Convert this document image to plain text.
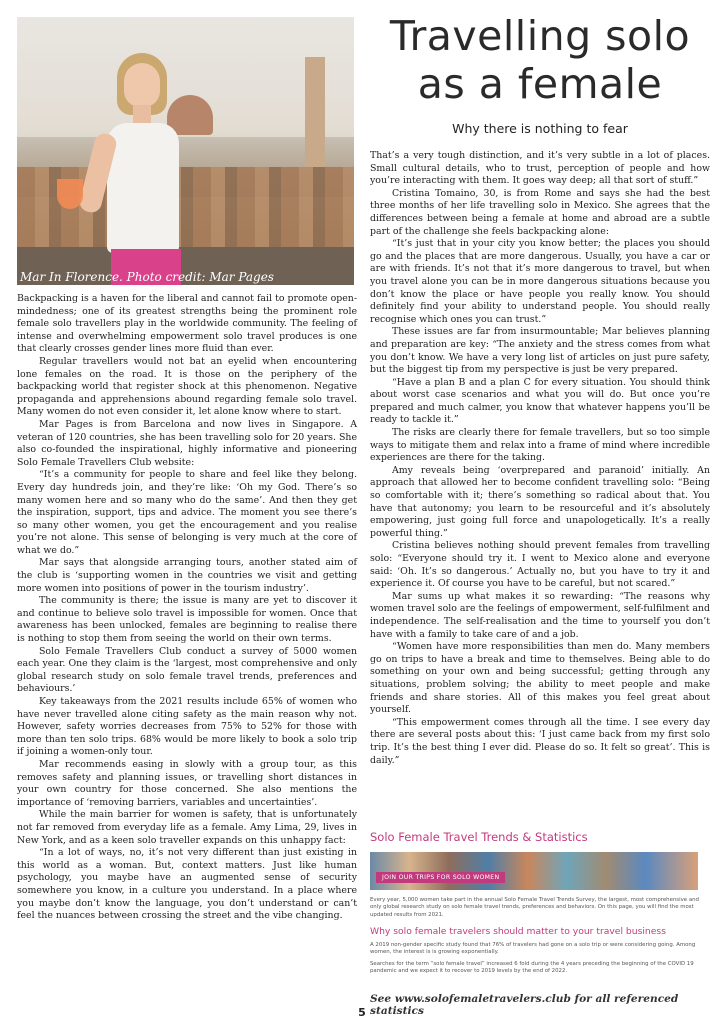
Mar In Florence. Photo credit: Mar Pages
Travelling solo
as a female
Why there is nothing to fear

Backpacking is a haven for the liberal and cannot fail to promote open-mindedness; one of its greatest strengths being the prominent role female solo travellers play in the worldwide community. The feeling of intense and overwhelming empowerment solo travel produces is one that clearly crosses gender lines more fluid than ever.

Regular travellers would not bat an eyelid when encountering lone females on the road. It is those on the periphery of the backpacking world that register shock at this phenomenon. Negative propaganda and apprehensions abound regarding female solo travel. Many women do not even consider it, let alone know where to start.

Mar Pages is from Barcelona and now lives in Singapore. A veteran of 120 countries, she has been travelling solo for 20 years. She also co-founded the inspirational, highly informative and pioneering Solo Female Travellers Club website:

“It’s a community for people to share and feel like they belong. Every day hundreds join, and they’re like: ‘Oh my God. There’s so many women here and so many who do the same’. And then they get the inspiration, support, tips and advice. The moment you see there’s so many other women, you get the encouragement and you realise you’re not alone. This sense of belonging is very much at the core of what we do.”

Mar says that alongside arranging tours, another stated aim of the club is ‘supporting women in the countries we visit and getting more women into positions of power in the tourism industry’.

The community is there; the issue is many are yet to discover it and continue to believe solo travel is impossible for women. Once that awareness has been unlocked, females are beginning to realise there is nothing to stop them from seeing the world on their own terms.

Solo Female Travellers Club conduct a survey of 5000 women each year. One they claim is the ‘largest, most comprehensive and only global research study on solo female travel trends, preferences and behaviours.’

Key takeaways from the 2021 results include 65% of women who have never travelled alone citing safety as the main reason why not. However, safety worries decreases from 75% to 52% for those with more than ten solo trips. 68% would be more likely to book a solo trip if joining a women-only tour.

Mar recommends easing in slowly with a group tour, as this removes safety and planning issues, or travelling short distances in your own country for those concerned. She also mentions the importance of ‘removing barriers, variables and uncertainties’.

While the main barrier for women is safety, that is unfortunately not far removed from everyday life as a female. Amy Lima, 29, lives in New York, and as a keen solo traveller expands on this unhappy fact:

“In a lot of ways, no, it’s not very different than just existing in this world as a woman. But, context matters. Just like human psychology, you maybe have an augmented sense of security somewhere you know, in a culture you understand. In a place where you maybe don’t know the language, you don’t understand or can’t feel the nuances between crossing the street and the vibe changing.

That’s a very tough distinction, and it’s very subtle in a lot of places. Small cultural details, who to trust, perception of people and how you’re interacting with them. It goes way deep; all that sort of stuff.”

Cristina Tomaino, 30, is from Rome and says she had the best three months of her life travelling solo in Mexico. She agrees that the differences between being a female at home and abroad are a subtle part of the challenge she feels backpacking alone:

“It’s just that in your city you know better; the places you should go and the places that are more dangerous. Usually, you have a car or are with friends. It’s not that it’s more dangerous to travel, but when you travel alone you can be in more dangerous situations because you don’t know the place or have people you really know. You should definitely find your ability to understand people. You should really recognise which ones you can trust.”

These issues are far from insurmountable; Mar believes planning and preparation are key: “The anxiety and the stress comes from what you don’t know. We have a very long list of articles on just pure safety, but the biggest tip from my perspective is just be very prepared.

“Have a plan B and a plan C for every situation. You should think about worst case scenarios and what you will do. But once you’re prepared and much calmer, you know that whatever happens you’ll be ready to tackle it.”

The risks are clearly there for female travellers, but so too simple ways to mitigate them and relax into a frame of mind where incredible experiences are there for the taking.

Amy reveals being ‘overprepared and paranoid’ initially. An approach that allowed her to become confident travelling solo: “Being so comfortable with it; there’s something so radical about that. You have that autonomy; you learn to be resourceful and it’s absolutely empowering, just going full force and unapologetically. It’s a really powerful thing.”

Cristina believes nothing should prevent females from travelling solo: “Everyone should try it. I went to Mexico alone and everyone said: ‘Oh. It’s so dangerous.’ Actually no, but you have to try it and experience it. Of course you have to be careful, but not scared.”

Mar sums up what makes it so rewarding: “The reasons why women travel solo are the feelings of empowerment, self-fulfilment and independence. The self-realisation and the time to yourself you don’t have with a family to take care of and a job.

“Women have more responsibilities than men do. Many members go on trips to have a break and time to themselves. Being able to do something on your own and being successful; getting through any situations, problem solving; the ability to meet people and make friends and share stories. All of this makes you feel great about yourself.

“This empowerment comes through all the time. I see every day there are several posts about this: ‘I just came back from my first solo trip. It’s the best thing I ever did. Please do so. It felt so great’. This is daily.”

Solo Female Travel Trends & Statistics
JOIN OUR TRIPS FOR SOLO WOMEN
Every year, 5,000 women take part in the annual Solo Female Travel Trends Survey, the largest, most comprehensive and only global research study on solo female travel trends, preferences and behaviors. On this page, you will find the most updated results from 2021.
Why solo female travelers should matter to your travel business
A 2019 non-gender specific study found that 76% of travelers had gone on a solo trip or were considering going. Among women, the interest is is growing exponentially.
Searches for the term “solo female travel” increased 6 fold during the 4 years preceding the beginning of the COVID 19 pandemic and we expect it to recover to 2019 levels by the end of 2022.
See www.solofemaletravelers.club for all referenced statistics
5
